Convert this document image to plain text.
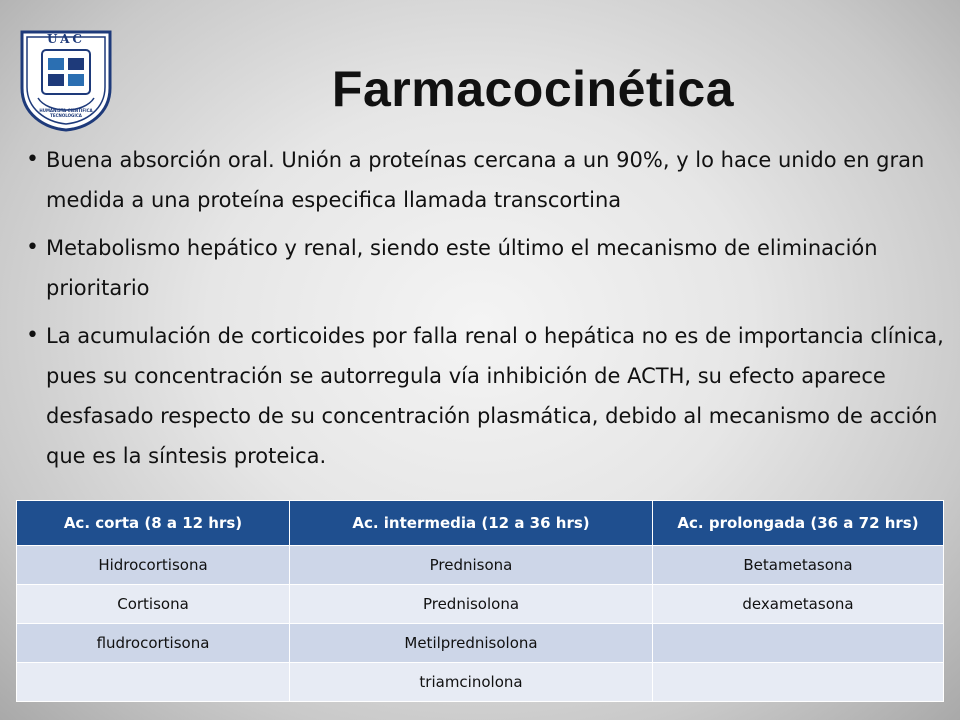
UAC
HUMANISTA CIENTIFICA TECNOLOGICA	Farmacocinética
• Buena absorción oral. Unión a proteínas cercana a un 90%, y lo hace unido en gran medida a una proteína especifica llamada transcortina
• Metabolismo hepático y renal, siendo este último el mecanismo de eliminación prioritario
• La acumulación de corticoides por falla renal o hepática no es de importancia clínica, pues su concentración se autorregula vía inhibición de ACTH, su efecto aparece desfasado respecto de su concentración plasmática, debido al mecanismo de acción que es la síntesis proteica.
Ac. corta (8 a 12 hrs)	Ac. intermedia (12 a 36 hrs)	Ac. prolongada (36 a 72 hrs)
Hidrocortisona	Prednisona	Betametasona
Cortisona	Prednisolona	dexametasona
fludrocortisona	Metilprednisolona	
	triamcinolona	
